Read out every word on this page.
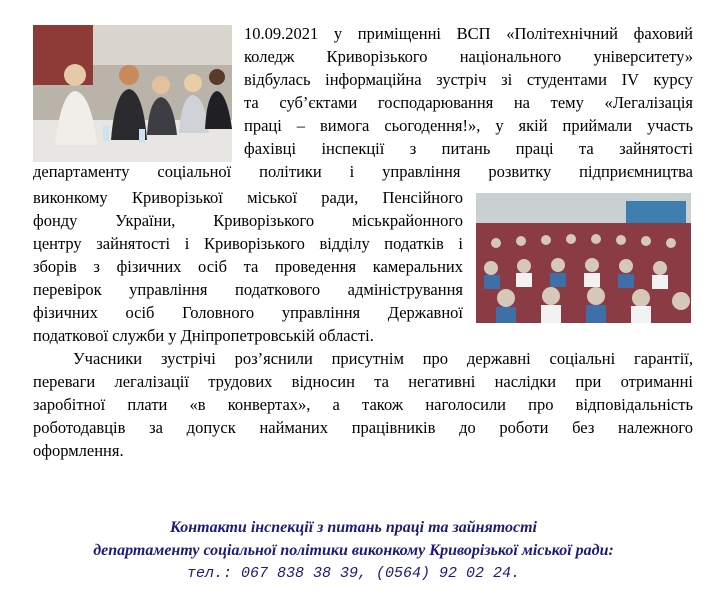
10.09.2021 у приміщенні ВСП «Політехнічний фаховий
коледж Криворізького національного університету»
відбулась інформаційна зустріч зі студентами IV курсу
та суб’єктами господарювання на тему «Легалізація
праці – вимога сьогодення!», у якій приймали участь
фахівці інспекції з питань праці та зайнятості
департаменту соціальної політики і управління розвитку підприємництва
виконкому Криворізької міської ради, Пенсійного
фонду України, Криворізького міськрайонного
центру зайнятості і Криворізького відділу податків і
зборів з фізичних осіб та проведення камеральних
перевірок управління податкового адміністрування
фізичних осіб Головного управління Державної
податкової служби у Дніпропетровській області.
Учасники зустрічі роз’яснили присутнім про державні соціальні гарантії,
переваги легалізації трудових відносин та негативні наслідки при отриманні
заробітної плати «в конвертах», а також наголосили про відповідальність
роботодавців за допуск найманих працівників до роботи без належного
оформлення.
Контакти інспекції з питань праці та зайнятості
департаменту соціальної політики виконкому Криворізької міської ради:
тел.: 067 838 38 39, (0564) 92 02 24.
